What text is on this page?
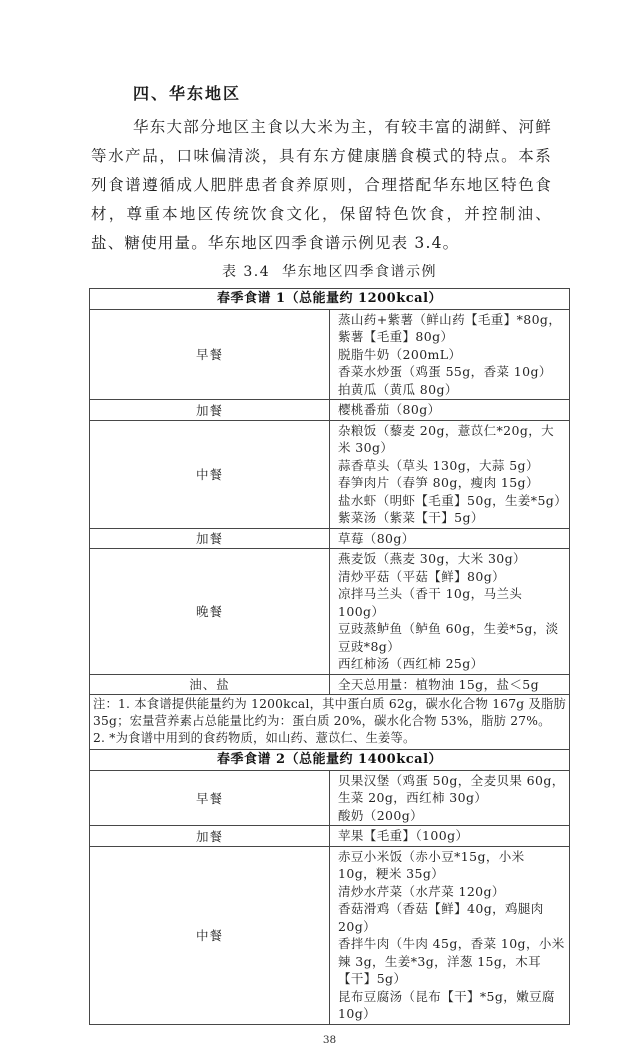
四、华东地区

华东大部分地区主食以大米为主，有较丰富的湖鲜、河鲜等水产品，口味偏清淡，具有东方健康膳食模式的特点。本系列食谱遵循成人肥胖患者食养原则，合理搭配华东地区特色食材，尊重本地区传统饮食文化，保留特色饮食，并控制油、盐、糖使用量。华东地区四季食谱示例见表 3.4。

表 3.4  华东地区四季食谱示例
春季食谱 1（总能量约 1200kcal）	
早餐	蒸山药+紫薯（鲜山药【毛重】*80g，紫薯【毛重】80g）
脱脂牛奶（200mL）
香菜水炒蛋（鸡蛋 55g，香菜 10g）
拍黄瓜（黄瓜 80g）

加餐	樱桃番茄（80g）

中餐	杂粮饭（藜麦 20g，薏苡仁*20g，大米 30g）
蒜香草头（草头 130g，大蒜 5g）
春笋肉片（春笋 80g，瘦肉 15g）
盐水虾（明虾【毛重】50g，生姜*5g）
紫菜汤（紫菜【干】5g）

加餐	草莓（80g）

晚餐	燕麦饭（燕麦 30g，大米 30g）
清炒平菇（平菇【鲜】80g）
凉拌马兰头（香干 10g，马兰头 100g）
豆豉蒸鲈鱼（鲈鱼 60g，生姜*5g，淡豆豉*8g）
西红柿汤（西红柿 25g）

油、盐	全天总用量：植物油 15g，盐＜5g

注：1. 本食谱提供能量约为 1200kcal，其中蛋白质 62g，碳水化合物 167g 及脂肪 35g；宏量营养素占总能量比约为：蛋白质 20%，碳水化合物 53%，脂肪 27%。
2. *为食谱中用到的食药物质，如山药、薏苡仁、生姜等。	

春季食谱 2（总能量约 1400kcal）	
早餐	贝果汉堡（鸡蛋 50g，全麦贝果 60g，生菜 20g，西红柿 30g）
酸奶（200g）

加餐	苹果【毛重】（100g）

中餐	赤豆小米饭（赤小豆*15g，小米 10g，粳米 35g）
清炒水芹菜（水芹菜 120g）
香菇滑鸡（香菇【鲜】40g，鸡腿肉 20g）
香拌牛肉（牛肉 45g，香菜 10g，小米辣 3g，生姜*3g，洋葱 15g，木耳【干】5g）
昆布豆腐汤（昆布【干】*5g，嫩豆腐 10g）
38
